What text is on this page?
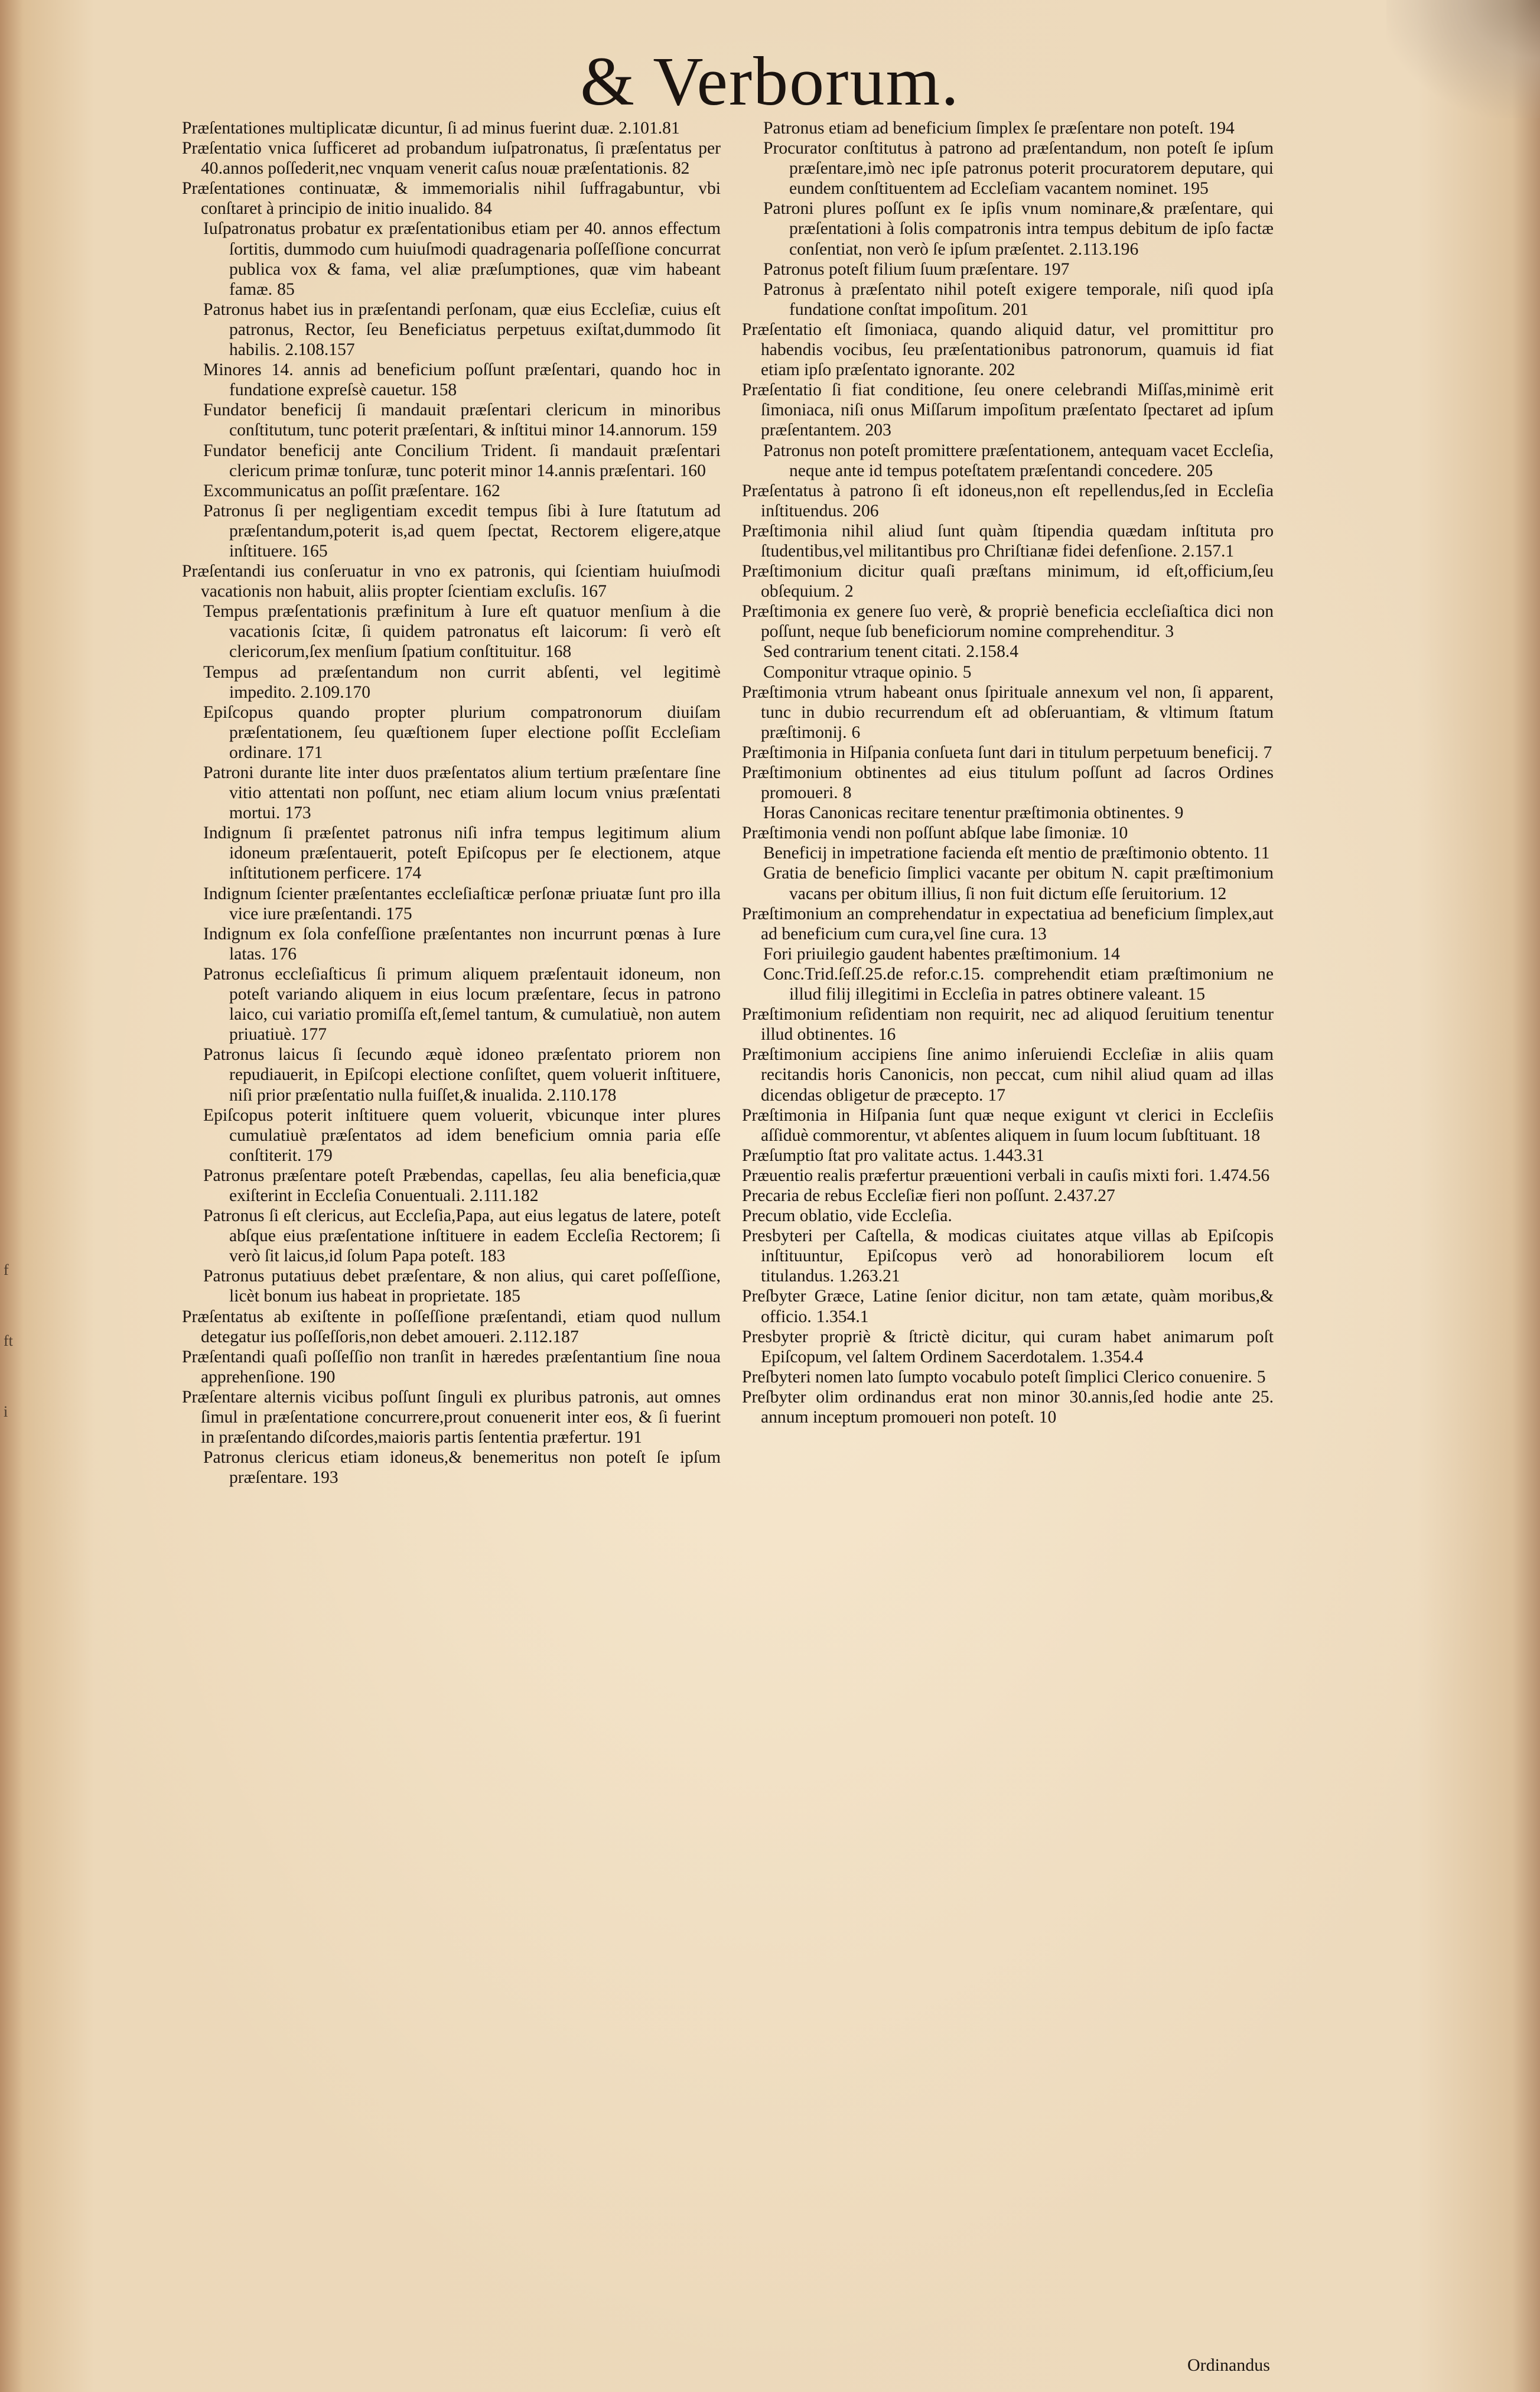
& Verborum.
f
ft
i

Præſentationes multiplicatæ dicuntur, ſi ad minus fuerint duæ. 2.101.81

Præſentatio vnica ſufficeret ad probandum iuſpatronatus, ſi præſentatus per 40.annos poſſederit,nec vnquam venerit caſus nouæ præſentationis. 82

Præſentationes continuatæ, & immemorialis nihil ſuffragabuntur, vbi conſtaret à principio de initio inualido. 84

Iuſpatronatus probatur ex præſentationibus etiam per 40. annos effectum ſortitis, dummodo cum huiuſmodi quadragenaria poſſeſſione concurrat publica vox & fama, vel aliæ præſumptiones, quæ vim habeant famæ. 85

Patronus habet ius in præſentandi perſonam, quæ eius Eccleſiæ, cuius eſt patronus, Rector, ſeu Beneficiatus perpetuus exiſtat,dummodo ſit habilis. 2.108.157

Minores 14. annis ad beneficium poſſunt præſentari, quando hoc in fundatione expreſsè cauetur. 158

Fundator beneficij ſi mandauit præſentari clericum in minoribus conſtitutum, tunc poterit præſentari, & inſtitui minor 14.annorum. 159

Fundator beneficij ante Concilium Trident. ſi mandauit præſentari clericum primæ tonſuræ, tunc poterit minor 14.annis præſentari. 160

Excommunicatus an poſſit præſentare. 162

Patronus ſi per negligentiam excedit tempus ſibi à Iure ſtatutum ad præſentandum,poterit is,ad quem ſpectat, Rectorem eligere,atque inſtituere. 165

Præſentandi ius conſeruatur in vno ex patronis, qui ſcientiam huiuſmodi vacationis non habuit, aliis propter ſcientiam excluſis. 167

Tempus præſentationis præfinitum à Iure eſt quatuor menſium à die vacationis ſcitæ, ſi quidem patronatus eſt laicorum: ſi verò eſt clericorum,ſex menſium ſpatium conſtituitur. 168

Tempus ad præſentandum non currit abſenti, vel legitimè impedito. 2.109.170

Epiſcopus quando propter plurium compatronorum diuiſam præſentationem, ſeu quæſtionem ſuper electione poſſit Eccleſiam ordinare. 171

Patroni durante lite inter duos præſentatos alium tertium præſentare ſine vitio attentati non poſſunt, nec etiam alium locum vnius præſentati mortui. 173

Indignum ſi præſentet patronus niſi infra tempus legitimum alium idoneum præſentauerit, poteſt Epiſcopus per ſe electionem, atque inſtitutionem perficere. 174

Indignum ſcienter præſentantes eccleſiaſticæ perſonæ priuatæ ſunt pro illa vice iure præſentandi. 175

Indignum ex ſola confeſſione præſentantes non incurrunt pœnas à Iure latas. 176

Patronus eccleſiaſticus ſi primum aliquem præſentauit idoneum, non poteſt variando aliquem in eius locum præſentare, ſecus in patrono laico, cui variatio promiſſa eſt,ſemel tantum, & cumulatiuè, non autem priuatiuè. 177

Patronus laicus ſi ſecundo æquè idoneo præſentato priorem non repudiauerit, in Epiſcopi electione conſiſtet, quem voluerit inſtituere, niſi prior præſentatio nulla fuiſſet,& inualida. 2.110.178

Epiſcopus poterit inſtituere quem voluerit, vbicunque inter plures cumulatiuè præſentatos ad idem beneficium omnia paria eſſe conſtiterit. 179

Patronus præſentare poteſt Præbendas, capellas, ſeu alia beneficia,quæ exiſterint in Eccleſia Conuentuali. 2.111.182

Patronus ſi eſt clericus, aut Eccleſia,Papa, aut eius legatus de latere, poteſt abſque eius præſentatione inſtituere in eadem Eccleſia Rectorem; ſi verò ſit laicus,id ſolum Papa poteſt. 183

Patronus putatiuus debet præſentare, & non alius, qui caret poſſeſſione, licèt bonum ius habeat in proprietate. 185

Præſentatus ab exiſtente in poſſeſſione præſentandi, etiam quod nullum detegatur ius poſſeſſoris,non debet amoueri. 2.112.187

Præſentandi quaſi poſſeſſio non tranſit in hæredes præſentantium ſine noua apprehenſione. 190

Præſentare alternis vicibus poſſunt ſinguli ex pluribus patronis, aut omnes ſimul in præſentatione concurrere,prout conuenerit inter eos, & ſi fuerint in præſentando diſcordes,maioris partis ſententia præfertur. 191

Patronus clericus etiam idoneus,& benemeritus non poteſt ſe ipſum præſentare. 193

Patronus etiam ad beneficium ſimplex ſe præſentare non poteſt. 194

Procurator conſtitutus à patrono ad præſentandum, non poteſt ſe ipſum præſentare,imò nec ipſe patronus poterit procuratorem deputare, qui eundem conſtituentem ad Eccleſiam vacantem nominet. 195

Patroni plures poſſunt ex ſe ipſis vnum nominare,& præſentare, qui præſentationi à ſolis compatronis intra tempus debitum de ipſo factæ conſentiat, non verò ſe ipſum præſentet. 2.113.196

Patronus poteſt filium ſuum præſentare. 197

Patronus à præſentato nihil poteſt exigere temporale, niſi quod ipſa fundatione conſtat impoſitum. 201

Præſentatio eſt ſimoniaca, quando aliquid datur, vel promittitur pro habendis vocibus, ſeu præſentationibus patronorum, quamuis id fiat etiam ipſo præſentato ignorante. 202

Præſentatio ſi fiat conditione, ſeu onere celebrandi Miſſas,minimè erit ſimoniaca, niſi onus Miſſarum impoſitum præſentato ſpectaret ad ipſum præſentantem. 203

Patronus non poteſt promittere præſentationem, antequam vacet Eccleſia, neque ante id tempus poteſtatem præſentandi concedere. 205

Præſentatus à patrono ſi eſt idoneus,non eſt repellendus,ſed in Eccleſia inſtituendus. 206

Præſtimonia nihil aliud ſunt quàm ſtipendia quædam inſtituta pro ſtudentibus,vel militantibus pro Chriſtianæ fidei defenſione. 2.157.1

Præſtimonium dicitur quaſi præſtans minimum, id eſt,officium,ſeu obſequium. 2

Præſtimonia ex genere ſuo verè, & propriè beneficia eccleſiaſtica dici non poſſunt, neque ſub beneficiorum nomine comprehenditur. 3

Sed contrarium tenent citati. 2.158.4

Componitur vtraque opinio. 5

Præſtimonia vtrum habeant onus ſpirituale annexum vel non, ſi apparent, tunc in dubio recurrendum eſt ad obſeruantiam, & vltimum ſtatum præſtimonij. 6

Præſtimonia in Hiſpania conſueta ſunt dari in titulum perpetuum beneficij. 7

Præſtimonium obtinentes ad eius titulum poſſunt ad ſacros Ordines promoueri. 8

Horas Canonicas recitare tenentur præſtimonia obtinentes. 9

Præſtimonia vendi non poſſunt abſque labe ſimoniæ. 10

Beneficij in impetratione facienda eſt mentio de præſtimonio obtento. 11

Gratia de beneficio ſimplici vacante per obitum N. capit præſtimonium vacans per obitum illius, ſi non fuit dictum eſſe ſeruitorium. 12

Præſtimonium an comprehendatur in expectatiua ad beneficium ſimplex,aut ad beneficium cum cura,vel ſine cura. 13

Fori priuilegio gaudent habentes præſtimonium. 14

Conc.Trid.ſeſſ.25.de refor.c.15. comprehendit etiam præſtimonium ne illud filij illegitimi in Eccleſia in patres obtinere valeant. 15

Præſtimonium reſidentiam non requirit, nec ad aliquod ſeruitium tenentur illud obtinentes. 16

Præſtimonium accipiens ſine animo inſeruiendi Eccleſiæ in aliis quam recitandis horis Canonicis, non peccat, cum nihil aliud quam ad illas dicendas obligetur de præcepto. 17

Præſtimonia in Hiſpania ſunt quæ neque exigunt vt clerici in Eccleſiis aſſiduè commorentur, vt abſentes aliquem in ſuum locum ſubſtituant. 18

Præſumptio ſtat pro valitate actus. 1.443.31

Præuentio realis præfertur præuentioni verbali in cauſis mixti fori. 1.474.56

Precaria de rebus Eccleſiæ fieri non poſſunt. 2.437.27

Precum oblatio, vide Eccleſia.

Presbyteri per Caſtella, & modicas ciuitates atque villas ab Epiſcopis inſtituuntur, Epiſcopus verò ad honorabiliorem locum eſt titulandus. 1.263.21

Preſbyter Græce, Latine ſenior dicitur, non tam ætate, quàm moribus,& officio. 1.354.1

Presbyter propriè & ſtrictè dicitur, qui curam habet animarum poſt Epiſcopum, vel ſaltem Ordinem Sacerdotalem. 1.354.4

Preſbyteri nomen lato ſumpto vocabulo poteſt ſimplici Clerico conuenire. 5

Preſbyter olim ordinandus erat non minor 30.annis,ſed hodie ante 25. annum inceptum promoueri non poteſt. 10

Ordinandus
